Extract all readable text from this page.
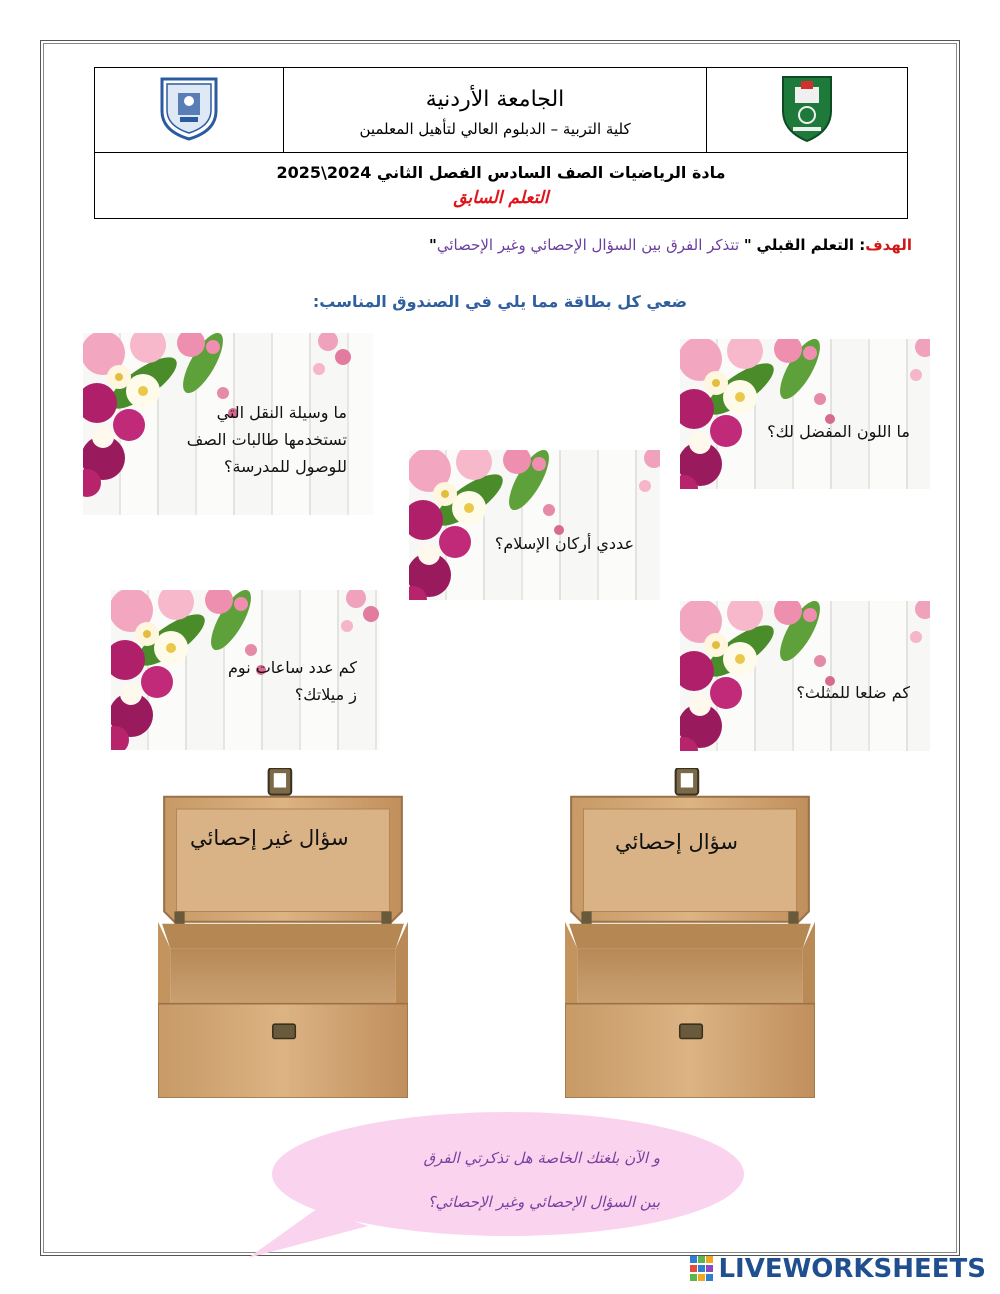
الجامعة الأردنية
كلية التربية – الدبلوم العالي لتأهيل المعلمين

مادة الرياضيات الصف السادس الفصل الثاني 2024\2025
التعلم السابق
الهدف: التعلم القبلي " تتذكر الفرق بين السؤال الإحصائي وغير الإحصائي"
ضعي كل بطاقة مما يلي في الصندوق المناسب:
ما وسيلة النقل التي
تستخدمها طالبات الصف
للوصول للمدرسة؟
ما اللون المفضل لك؟
عددي أركان الإسلام؟
كم عدد ساعات نوم
ز ميلاتك؟	كم ضلعا للمثلث؟
سؤال غير إحصائي	سؤال إحصائي
و الآن بلغتك الخاصة هل تذكرتي الفرق
بين السؤال الإحصائي وغير الإحصائي؟
LIVEWORKSHEETS
